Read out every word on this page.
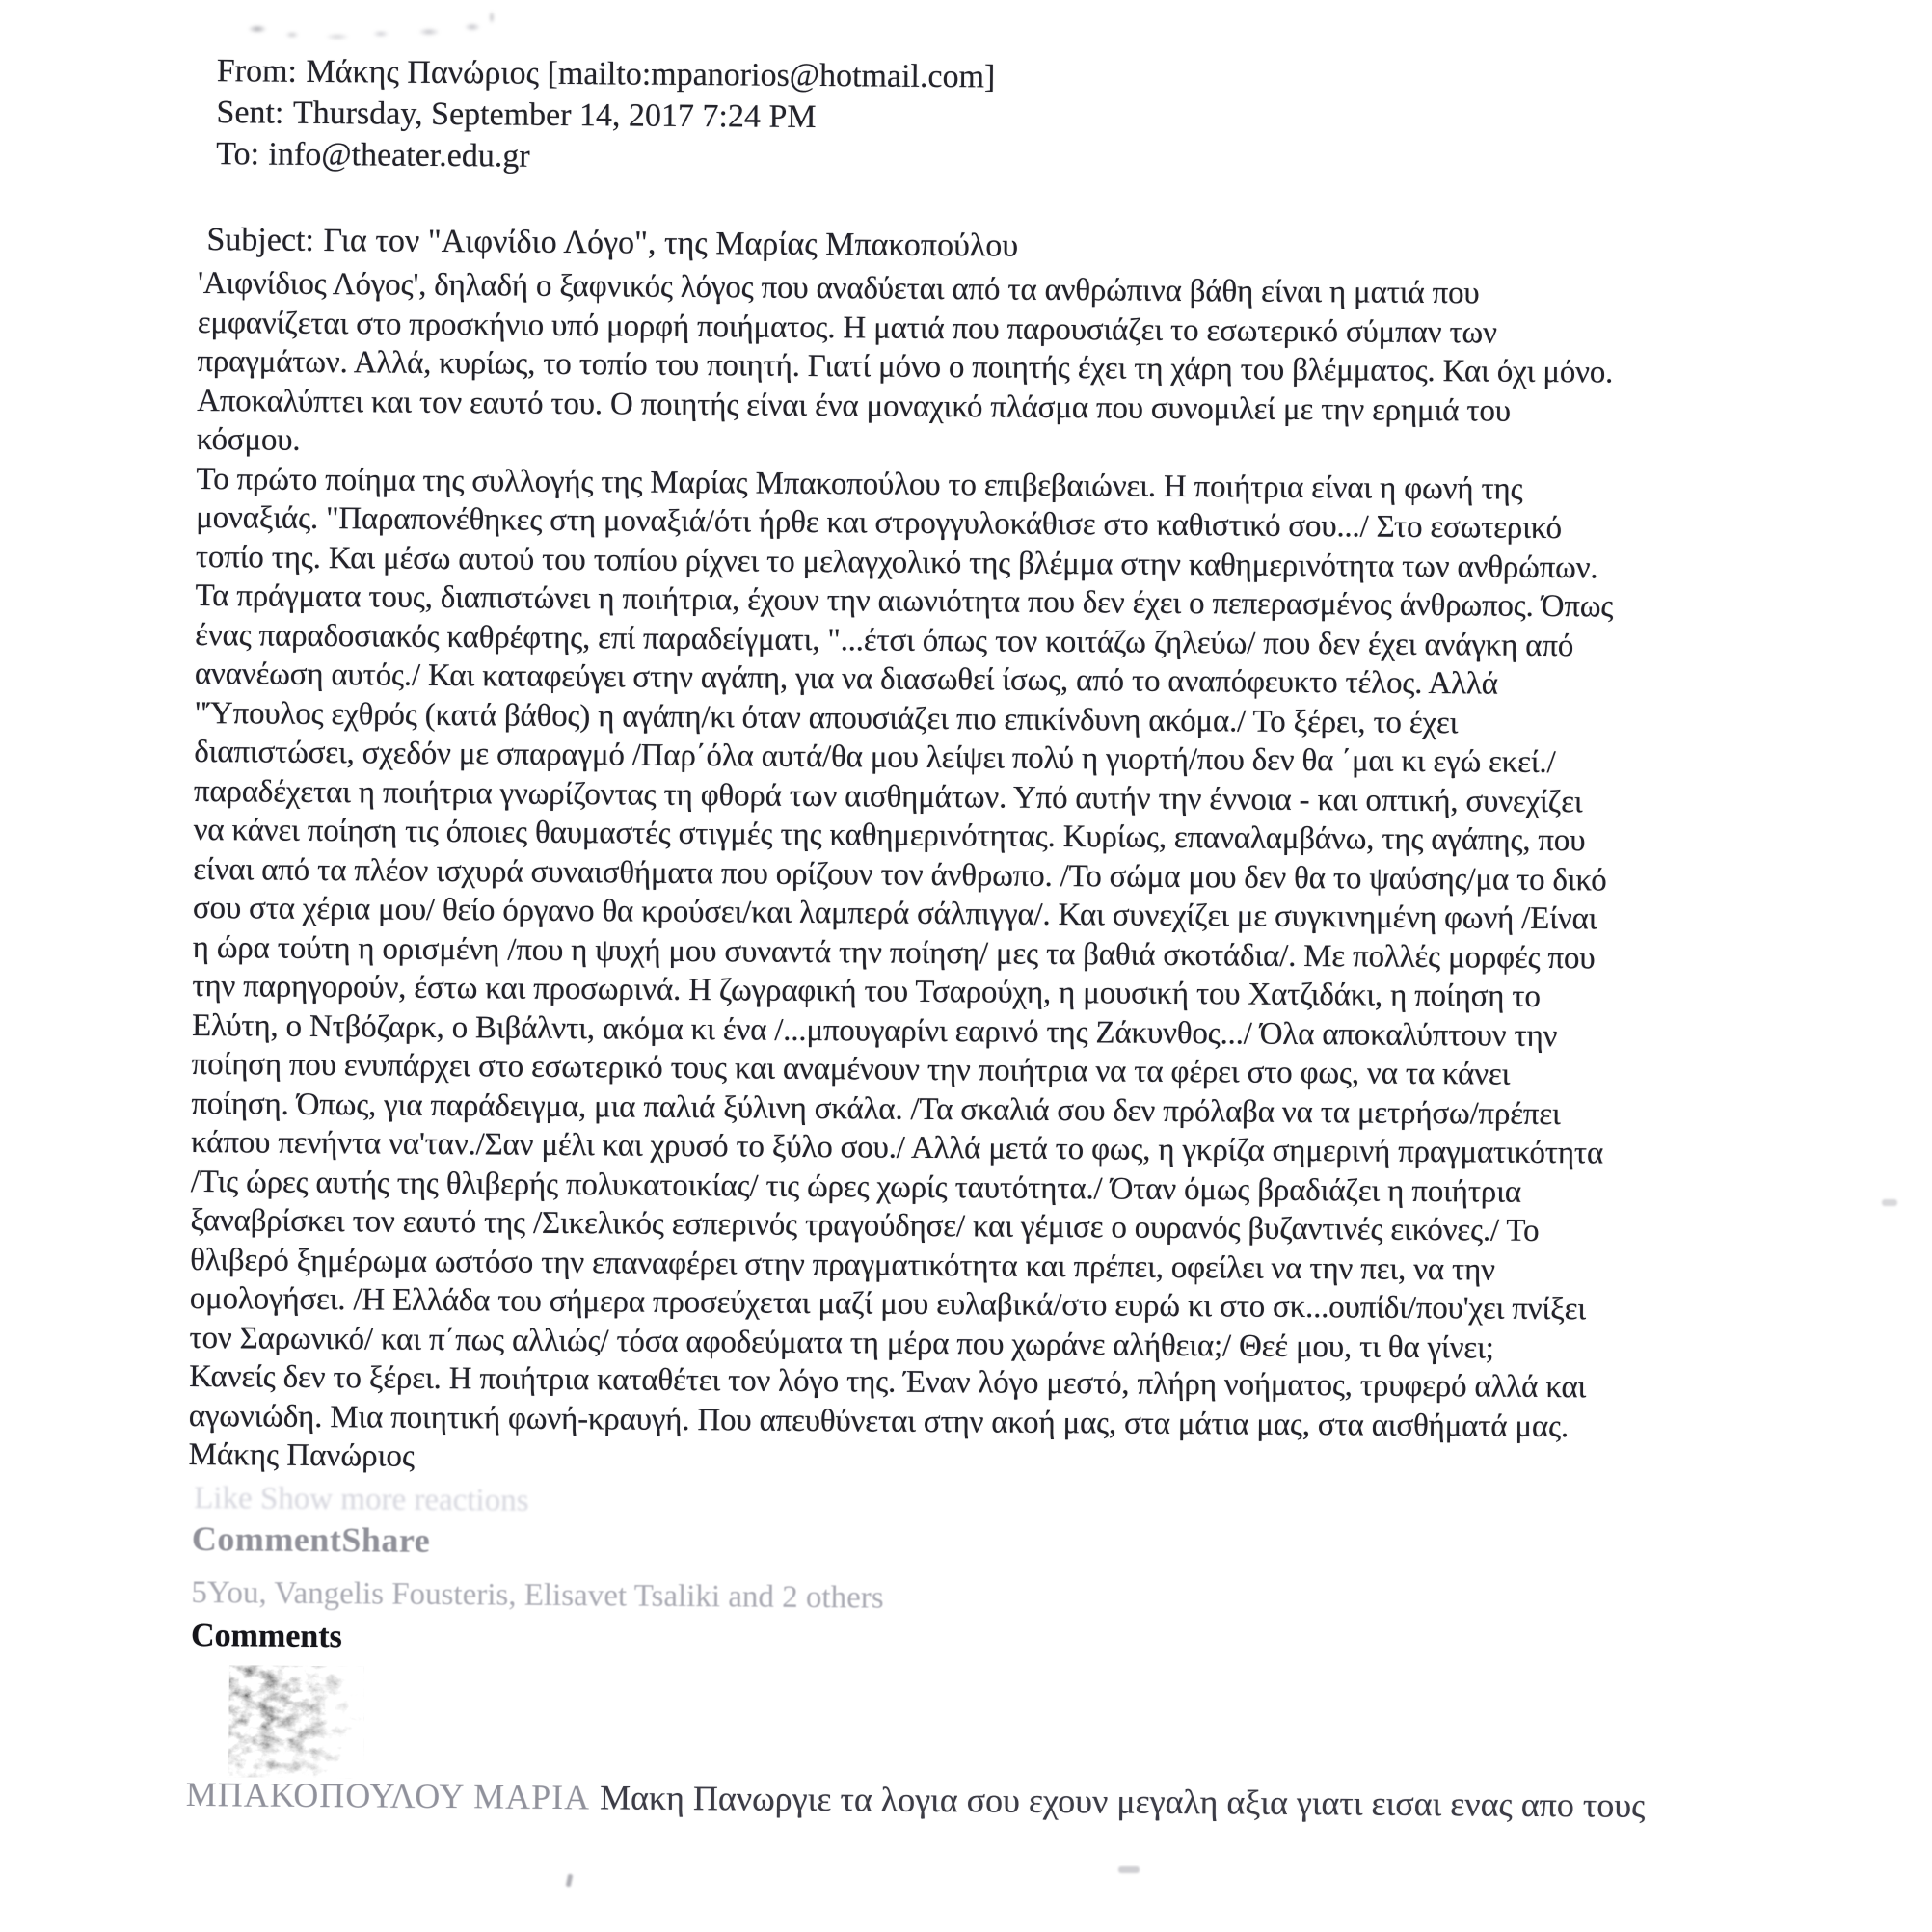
From: Μάκης Πανώριος [mailto:mpanorios@hotmail.com]
Sent: Thursday, September 14, 2017 7:24 PM
To: info@theater.edu.gr
Subject: Για τον "Αιφνίδιο Λόγο", της Μαρίας Μπακοπούλου
'Αιφνίδιος Λόγος', δηλαδή ο ξαφνικός λόγος που αναδύεται από τα ανθρώπινα βάθη είναι η ματιά που εμφανίζεται στο προσκήνιο υπό μορφή ποιήματος. Η ματιά που παρουσιάζει το εσωτερικό σύμπαν των πραγμάτων. Αλλά, κυρίως, το τοπίο του ποιητή. Γιατί μόνο ο ποιητής έχει τη χάρη του βλέμματος. Και όχι μόνο. Αποκαλύπτει και τον εαυτό του. Ο ποιητής είναι ένα μοναχικό πλάσμα που συνομιλεί με την ερημιά του κόσμου.
Το πρώτο ποίημα της συλλογής της Μαρίας Μπακοπούλου το επιβεβαιώνει. Η ποιήτρια είναι η φωνή της μοναξιάς. "Παραπονέθηκες στη μοναξιά/ότι ήρθε και στρογγυλοκάθισε στο καθιστικό σου.../ Στο εσωτερικό τοπίο της. Και μέσω αυτού του τοπίου ρίχνει το μελαγχολικό της βλέμμα στην καθημερινότητα των ανθρώπων. Τα πράγματα τους, διαπιστώνει η ποιήτρια, έχουν την αιωνιότητα που δεν έχει ο πεπερασμένος άνθρωπος. Όπως ένας παραδοσιακός καθρέφτης, επί παραδείγματι, "...έτσι όπως τον κοιτάζω ζηλεύω/ που δεν έχει ανάγκη από ανανέωση αυτός./ Και καταφεύγει στην αγάπη, για να διασωθεί ίσως, από το αναπόφευκτο τέλος. Αλλά "Ύπουλος εχθρός (κατά βάθος) η αγάπη/κι όταν απουσιάζει πιο επικίνδυνη ακόμα./ Το ξέρει, το έχει διαπιστώσει, σχεδόν με σπαραγμό /Παρ΄όλα αυτά/θα μου λείψει πολύ η γιορτή/που δεν θα ΄μαι κι εγώ εκεί./ παραδέχεται η ποιήτρια γνωρίζοντας τη φθορά των αισθημάτων. Υπό αυτήν την έννοια - και οπτική, συνεχίζει να κάνει ποίηση τις όποιες θαυμαστές στιγμές της καθημερινότητας. Κυρίως, επαναλαμβάνω, της αγάπης, που είναι από τα πλέον ισχυρά συναισθήματα που ορίζουν τον άνθρωπο. /Το σώμα μου δεν θα το ψαύσης/μα το δικό σου στα χέρια μου/ θείο όργανο θα κρούσει/και λαμπερά σάλπιγγα/. Και συνεχίζει με συγκινημένη φωνή /Είναι η ώρα τούτη η ορισμένη /που η ψυχή μου συναντά την ποίηση/ μες τα βαθιά σκοτάδια/. Με πολλές μορφές που την παρηγορούν, έστω και προσωρινά. Η ζωγραφική του Τσαρούχη, η μουσική του Χατζιδάκι, η ποίηση το Ελύτη, ο Ντβόζαρκ, ο Βιβάλντι, ακόμα κι ένα /...μπουγαρίνι εαρινό της Ζάκυνθος.../ Όλα αποκαλύπτουν την ποίηση που ενυπάρχει στο εσωτερικό τους και αναμένουν την ποιήτρια να τα φέρει στο φως, να τα κάνει ποίηση. Όπως, για παράδειγμα, μια παλιά ξύλινη σκάλα. /Τα σκαλιά σου δεν πρόλαβα να τα μετρήσω/πρέπει κάπου πενήντα να'ταν./Σαν μέλι και χρυσό το ξύλο σου./ Αλλά μετά το φως, η γκρίζα σημερινή πραγματικότητα /Τις ώρες αυτής της θλιβερής πολυκατοικίας/ τις ώρες χωρίς ταυτότητα./ Όταν όμως βραδιάζει η ποιήτρια ξαναβρίσκει τον εαυτό της /Σικελικός εσπερινός τραγούδησε/ και γέμισε ο ουρανός βυζαντινές εικόνες./ Το θλιβερό ξημέρωμα ωστόσο την επαναφέρει στην πραγματικότητα και πρέπει, οφείλει να την πει, να την ομολογήσει. /Η Ελλάδα του σήμερα προσεύχεται μαζί μου ευλαβικά/στο ευρώ κι στο σκ...ουπίδι/που'χει πνίξει τον Σαρωνικό/ και π΄πως αλλιώς/ τόσα αφοδεύματα τη μέρα που χωράνε αλήθεια;/ Θεέ μου, τι θα γίνει;
Κανείς δεν το ξέρει. Η ποιήτρια καταθέτει τον λόγο της. Έναν λόγο μεστό, πλήρη νοήματος, τρυφερό αλλά και αγωνιώδη. Μια ποιητική φωνή-κραυγή. Που απευθύνεται στην ακοή μας, στα μάτια μας, στα αισθήματά μας.
Μάκης Πανώριος
Like Show more reactions
CommentShare
5You, Vangelis Fousteris, Elisavet Tsaliki and 2 others
Comments
ΜΠΑΚΟΠΟΥΛΟΥ ΜΑΡΙΑ Μακη Πανωργιε τα λογια σου εχουν μεγαλη αξια γιατι εισαι ενας απο τους
